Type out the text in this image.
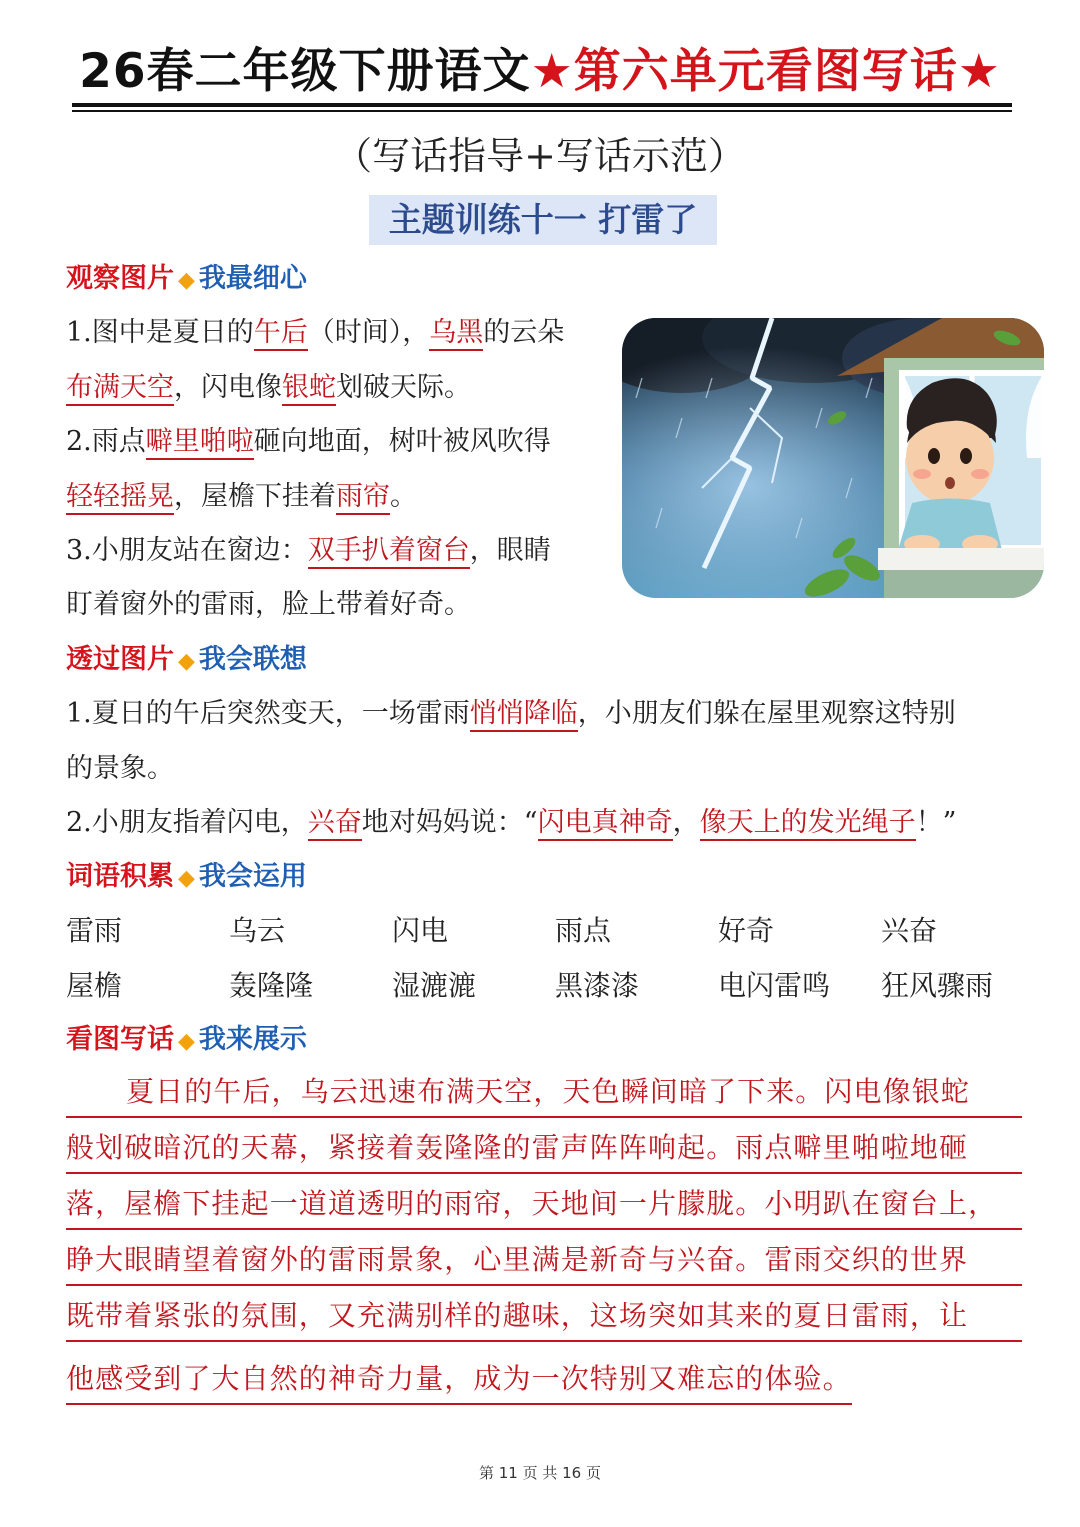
26春二年级下册语文★第六单元看图写话★
（写话指导+写话示范）
主题训练十一 打雷了
观察图片 ◆ 我最细心
1.图中是夏日的午后（时间），乌黑的云朵
布满天空，闪电像银蛇划破天际。
2.雨点噼里啪啦砸向地面，树叶被风吹得
轻轻摇晃，屋檐下挂着雨帘。
3.小朋友站在窗边：双手扒着窗台，眼睛
盯着窗外的雷雨，脸上带着好奇。
透过图片 ◆ 我会联想
1.夏日的午后突然变天，一场雷雨悄悄降临，小朋友们躲在屋里观察这特别
的景象。
2.小朋友指着闪电，兴奋地对妈妈说：“闪电真神奇，像天上的发光绳子！”
词语积累 ◆ 我会运用
雷雨	乌云	闪电	雨点	好奇	兴奋
屋檐	轰隆隆	湿漉漉	黑漆漆	电闪雷鸣	狂风骤雨
看图写话 ◆ 我来展示
夏日的午后，乌云迅速布满天空，天色瞬间暗了下来。闪电像银蛇
般划破暗沉的天幕，紧接着轰隆隆的雷声阵阵响起。雨点噼里啪啦地砸
落，屋檐下挂起一道道透明的雨帘，天地间一片朦胧。小明趴在窗台上，
睁大眼睛望着窗外的雷雨景象，心里满是新奇与兴奋。雷雨交织的世界
既带着紧张的氛围，又充满别样的趣味，这场突如其来的夏日雷雨，让
他感受到了大自然的神奇力量，成为一次特别又难忘的体验。
第 11 页 共 16 页
